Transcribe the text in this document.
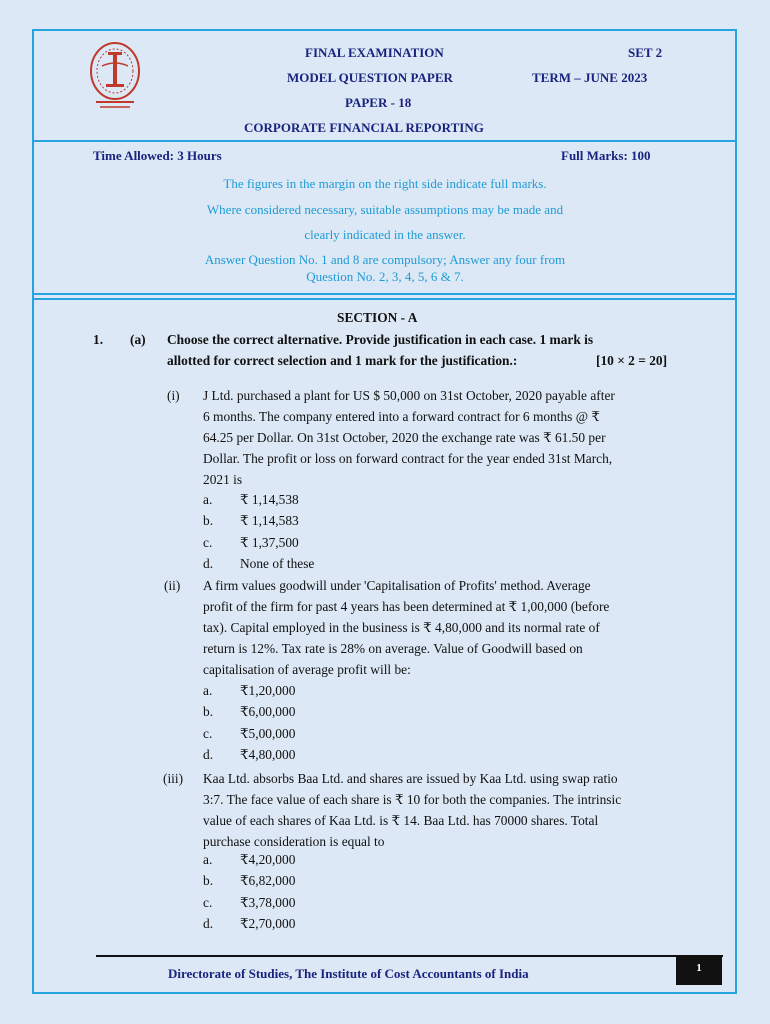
FINAL EXAMINATION	SET 2
MODEL QUESTION PAPER	TERM – JUNE 2023
PAPER - 18
CORPORATE FINANCIAL REPORTING
Time Allowed: 3 Hours	Full Marks: 100
The figures in the margin on the right side indicate full marks.
Where considered necessary, suitable assumptions may be made and
clearly indicated in the answer.
Answer Question No. 1 and 8 are compulsory; Answer any four from
Question No. 2, 3, 4, 5, 6 & 7.
SECTION - A
1. (a) Choose the correct alternative. Provide justification in each case. 1 mark is
allotted for correct selection and 1 mark for the justification.:	[10 × 2 = 20]
(i) J Ltd. purchased a plant for US $ 50,000 on 31st October, 2020 payable after
6 months. The company entered into a forward contract for 6 months @ ₹
64.25 per Dollar. On 31st October, 2020 the exchange rate was ₹ 61.50 per
Dollar. The profit or loss on forward contract for the year ended 31st March,
2021 is
a. ₹ 1,14,538
b. ₹ 1,14,583
c. ₹ 1,37,500
d. None of these
(ii) A firm values goodwill under 'Capitalisation of Profits' method. Average
profit of the firm for past 4 years has been determined at ₹ 1,00,000 (before
tax). Capital employed in the business is ₹ 4,80,000 and its normal rate of
return is 12%. Tax rate is 28% on average. Value of Goodwill based on
capitalisation of average profit will be:
a. ₹1,20,000
b. ₹6,00,000
c. ₹5,00,000
d. ₹4,80,000
(iii) Kaa Ltd. absorbs Baa Ltd. and shares are issued by Kaa Ltd. using swap ratio
3:7. The face value of each share is ₹ 10 for both the companies. The intrinsic
value of each shares of Kaa Ltd. is ₹ 14. Baa Ltd. has 70000 shares. Total
purchase consideration is equal to
a. ₹4,20,000
b. ₹6,82,000
c. ₹3,78,000
d. ₹2,70,000
Directorate of Studies, The Institute of Cost Accountants of India	1
